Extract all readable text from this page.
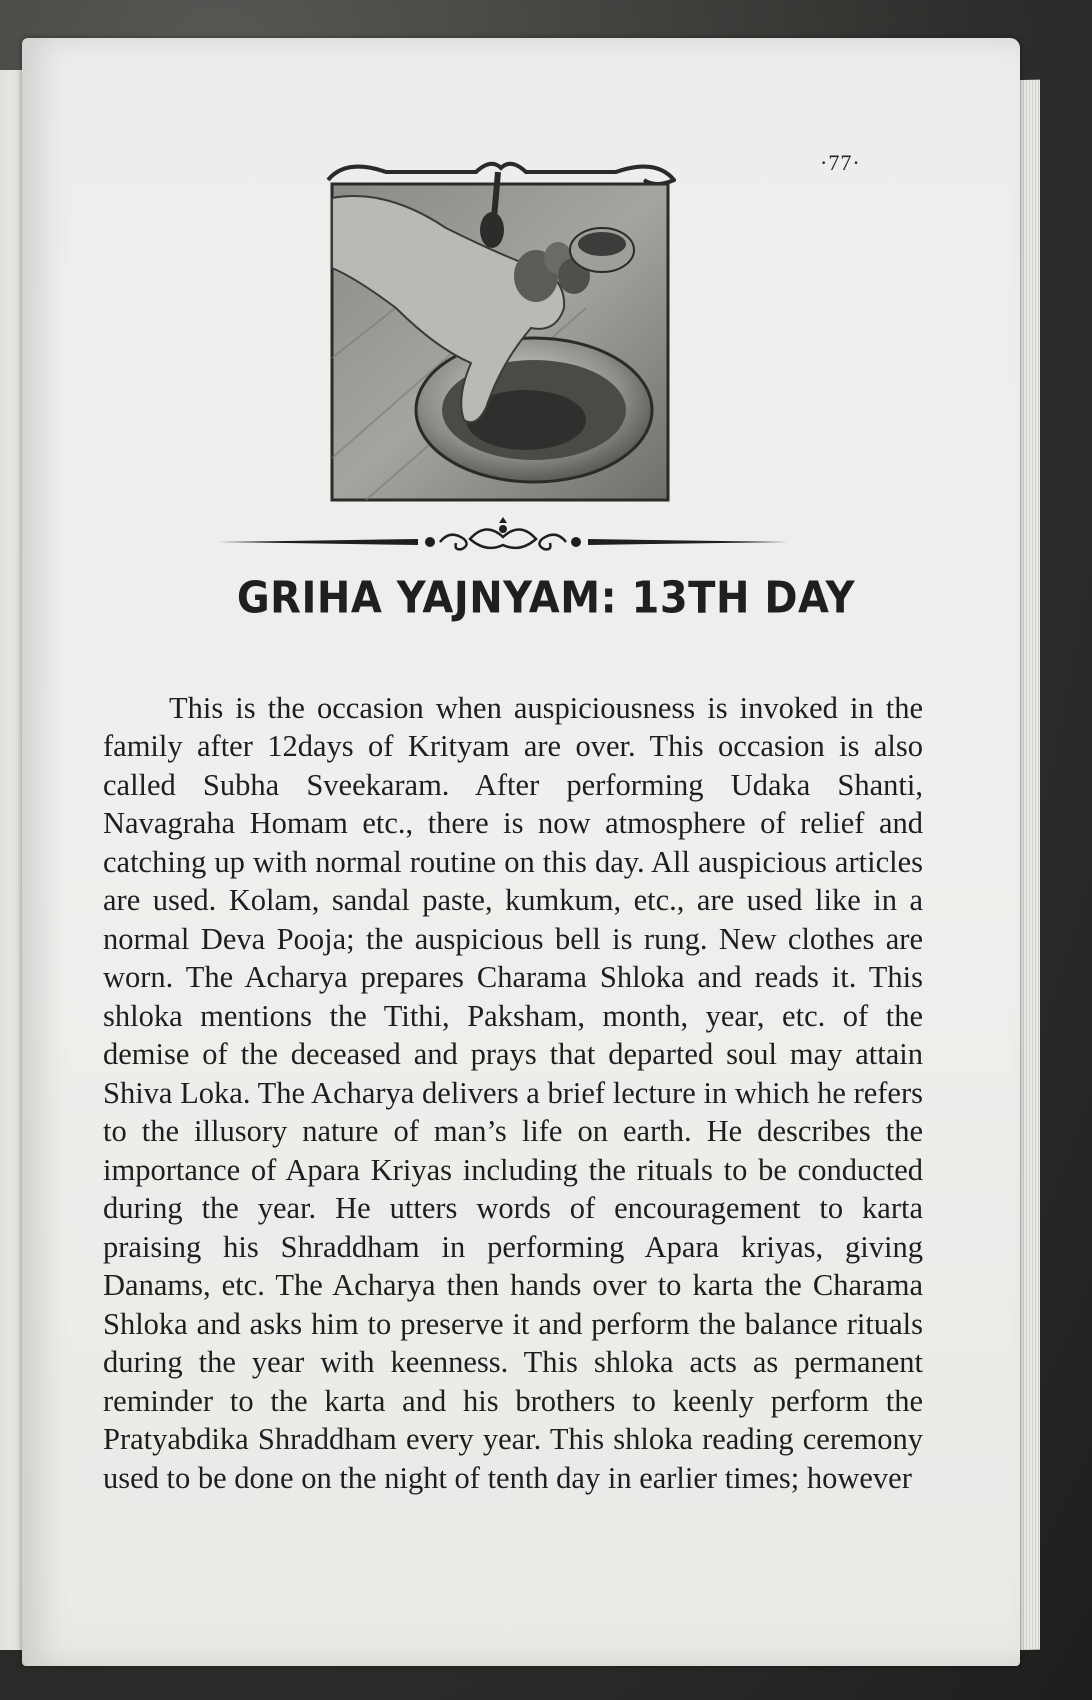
·77·
GRIHA YAJNYAM: 13TH DAY

This is the occasion when auspiciousness is invoked in the family after 12days of Krityam are over. This occasion is also called Subha Sveekaram. After performing Udaka Shanti, Navagraha Homam etc., there is now atmosphere of relief and catching up with normal routine on this day. All auspicious articles are used. Kolam, sandal paste, kumkum, etc., are used like in a normal Deva Pooja; the auspicious bell is rung. New clothes are worn. The Acharya prepares Charama Shloka and reads it. This shloka mentions the Tithi, Paksham, month, year, etc. of the demise of the deceased and prays that departed soul may attain Shiva Loka. The Acharya delivers a brief lecture in which he refers to the illusory nature of man’s life on earth. He describes the importance of Apara Kriyas including the rituals to be conducted during the year. He utters words of encouragement to karta praising his Shraddham in performing Apara kriyas, giving Danams, etc. The Acharya then hands over to karta the Charama Shloka and asks him to preserve it and perform the balance rituals during the year with keenness. This shloka acts as permanent reminder to the karta and his brothers to keenly perform the Pratyabdika Shraddham every year. This shloka reading ceremony used to be done on the night of tenth day in earlier times; however
